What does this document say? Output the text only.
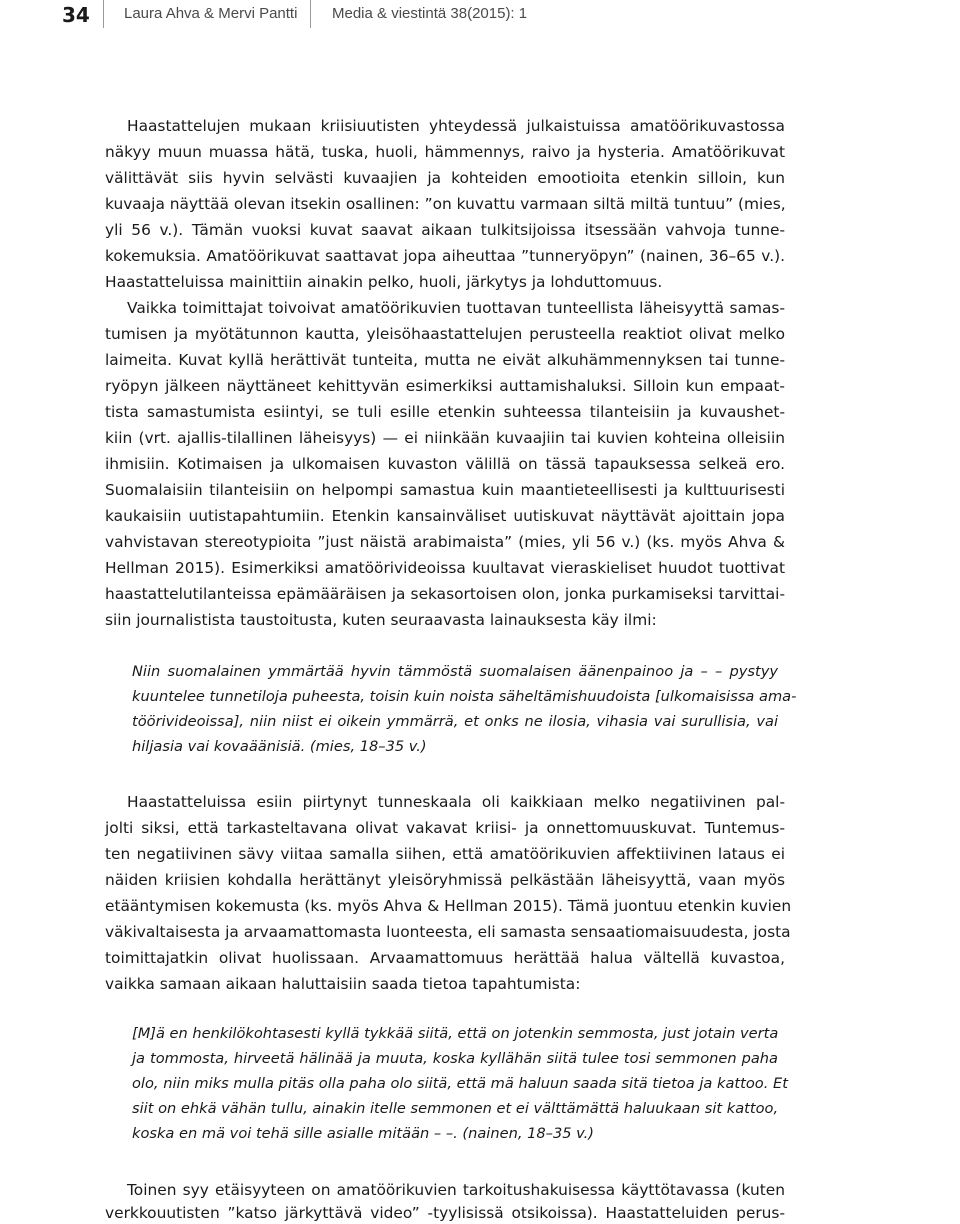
34 Laura Ahva & Mervi Pantti Media & viestintä 38(2015): 1
Haastattelujen mukaan kriisiuutisten yhteydessä julkaistuissa amatöörikuvastossa
näkyy muun muassa hätä, tuska, huoli, hämmennys, raivo ja hysteria. Amatöörikuvat
välittävät siis hyvin selvästi kuvaajien ja kohteiden emootioita etenkin silloin, kun
kuvaaja näyttää olevan itsekin osallinen: ”on kuvattu varmaan siltä miltä tuntuu” (mies,
yli 56 v.). Tämän vuoksi kuvat saavat aikaan tulkitsijoissa itsessään vahvoja tunne-
kokemuksia. Amatöörikuvat saattavat jopa aiheuttaa ”tunneryöpyn” (nainen, 36–65 v.).
Haastatteluissa mainittiin ainakin pelko, huoli, järkytys ja lohduttomuus.
Vaikka toimittajat toivoivat amatöörikuvien tuottavan tunteellista läheisyyttä samas-
tumisen ja myötätunnon kautta, yleisöhaastattelujen perusteella reaktiot olivat melko
laimeita. Kuvat kyllä herättivät tunteita, mutta ne eivät alkuhämmennyksen tai tunne-
ryöpyn jälkeen näyttäneet kehittyvän esimerkiksi auttamishaluksi. Silloin kun empaat-
tista samastumista esiintyi, se tuli esille etenkin suhteessa tilanteisiin ja kuvaushet-
kiin (vrt. ajallis-tilallinen läheisyys) — ei niinkään kuvaajiin tai kuvien kohteina olleisiin
ihmisiin. Kotimaisen ja ulkomaisen kuvaston välillä on tässä tapauksessa selkeä ero.
Suomalaisiin tilanteisiin on helpompi samastua kuin maantieteellisesti ja kulttuurisesti
kaukaisiin uutistapahtumiin. Etenkin kansainväliset uutiskuvat näyttävät ajoittain jopa
vahvistavan stereotypioita ”just näistä arabimaista” (mies, yli 56 v.) (ks. myös Ahva &
Hellman 2015). Esimerkiksi amatöörivideoissa kuultavat vieraskieliset huudot tuottivat
haastattelutilanteissa epämääräisen ja sekasortoisen olon, jonka purkamiseksi tarvittai-
siin journalistista taustoitusta, kuten seuraavasta lainauksesta käy ilmi:
Niin suomalainen ymmärtää hyvin tämmöstä suomalaisen äänenpainoo ja – – pystyy
kuuntelee tunnetiloja puheesta, toisin kuin noista säheltämishuudoista [ulkomaisissa ama-
töörivideoissa], niin niist ei oikein ymmärrä, et onks ne ilosia, vihasia vai surullisia, vai
hiljasia vai kovaäänisiä. (mies, 18–35 v.)
Haastatteluissa esiin piirtynyt tunneskaala oli kaikkiaan melko negatiivinen pal-
jolti siksi, että tarkasteltavana olivat vakavat kriisi- ja onnettomuuskuvat. Tuntemus-
ten negatiivinen sävy viitaa samalla siihen, että amatöörikuvien affektiivinen lataus ei
näiden kriisien kohdalla herättänyt yleisöryhmissä pelkästään läheisyyttä, vaan myös
etääntymisen kokemusta (ks. myös Ahva & Hellman 2015). Tämä juontuu etenkin kuvien
väkivaltaisesta ja arvaamattomasta luonteesta, eli samasta sensaatiomaisuudesta, josta
toimittajatkin olivat huolissaan. Arvaamattomuus herättää halua vältellä kuvastoa,
vaikka samaan aikaan haluttaisiin saada tietoa tapahtumista:
[M]ä en henkilökohtasesti kyllä tykkää siitä, että on jotenkin semmosta, just jotain verta
ja tommosta, hirveetä hälinää ja muuta, koska kyllähän siitä tulee tosi semmonen paha
olo, niin miks mulla pitäs olla paha olo siitä, että mä haluun saada sitä tietoa ja kattoo. Et
siit on ehkä vähän tullu, ainakin itelle semmonen et ei välttämättä haluukaan sit kattoo,
koska en mä voi tehä sille asialle mitään – –. (nainen, 18–35 v.)
Toinen syy etäisyyteen on amatöörikuvien tarkoitushakuisessa käyttötavassa (kuten
verkkouutisten ”katso järkyttävä video” -tyylisissä otsikoissa). Haastatteluiden perus-
